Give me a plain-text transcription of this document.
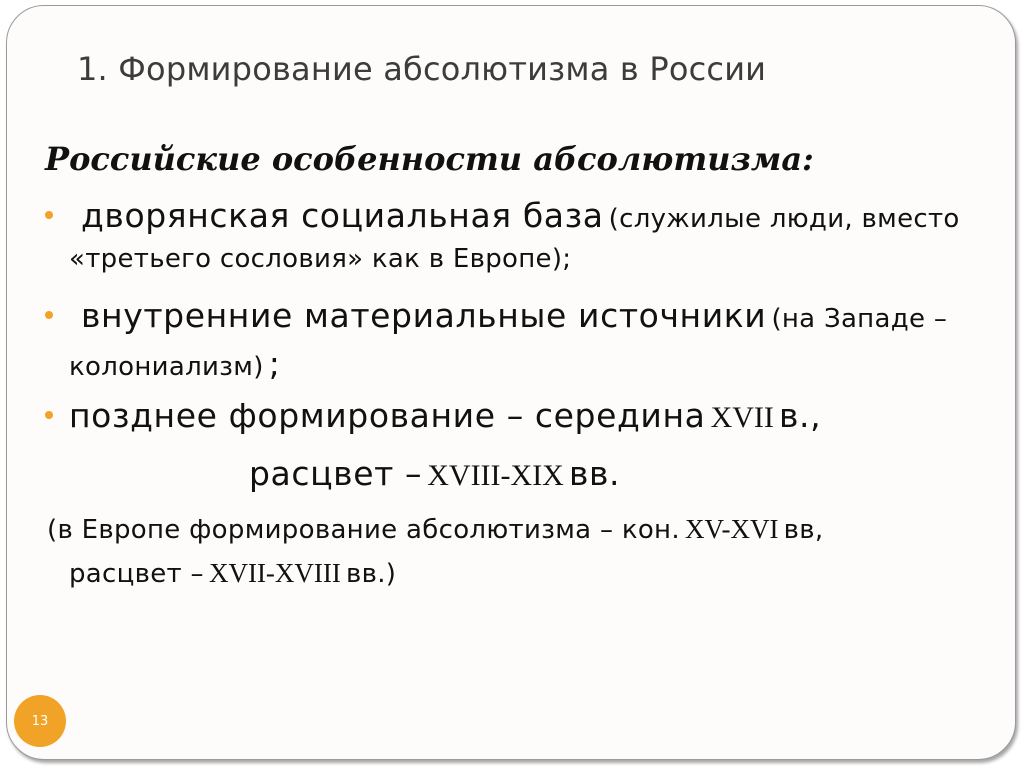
1. Формирование абсолютизма в России
Российские особенности абсолютизма:
дворянская социальная база (служилые люди, вместо
«третьего сословия» как в Европе);
внутренние материальные источники (на Западе –
колониализм) ;
позднее формирование – середина XVII в.,
расцвет – XVIII-XIX вв.
(в Европе формирование абсолютизма – кон. XV-XVI вв,
расцвет – XVII-XVIII вв.)
13
